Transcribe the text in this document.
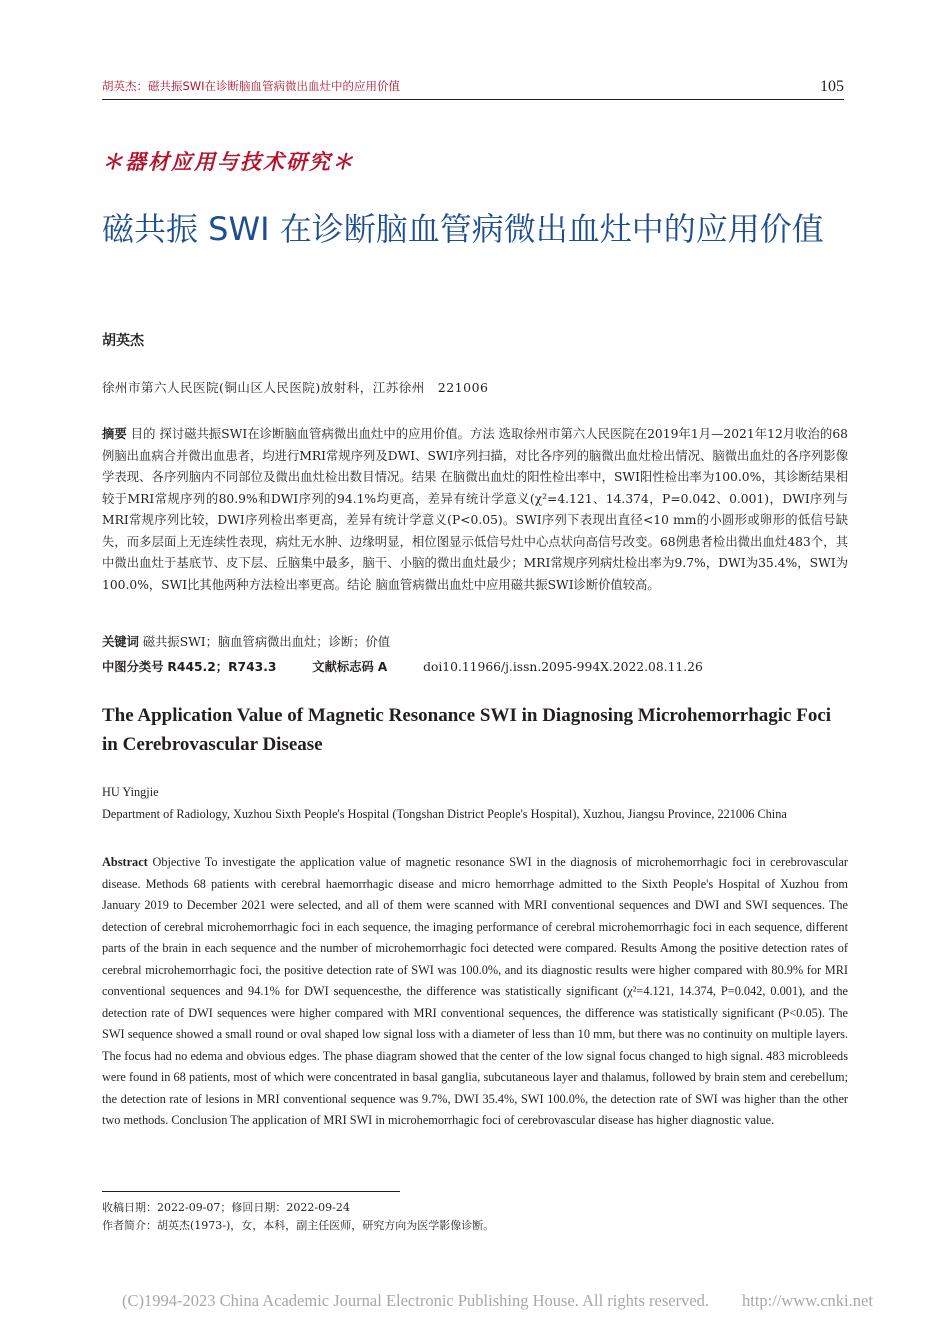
胡英杰：磁共振SWI在诊断脑血管病微出血灶中的应用价值	105
＊器材应用与技术研究＊
磁共振 SWI 在诊断脑血管病微出血灶中的应用价值
胡英杰
徐州市第六人民医院(铜山区人民医院)放射科，江苏徐州　221006
摘要 目的 探讨磁共振SWI在诊断脑血管病微出血灶中的应用价值。方法 选取徐州市第六人民医院在2019年1月—2021年12月收治的68例脑出血病合并微出血患者，均进行MRI常规序列及DWI、SWI序列扫描，对比各序列的脑微出血灶检出情况、脑微出血灶的各序列影像学表现、各序列脑内不同部位及微出血灶检出数目情况。结果 在脑微出血灶的阳性检出率中，SWI阳性检出率为100.0%，其诊断结果相较于MRI常规序列的80.9%和DWI序列的94.1%均更高，差异有统计学意义(χ²=4.121、14.374，P=0.042、0.001)，DWI序列与MRI常规序列比较，DWI序列检出率更高，差异有统计学意义(P<0.05)。SWI序列下表现出直径<10 mm的小圆形或卵形的低信号缺失，而多层面上无连续性表现，病灶无水肿、边缘明显，相位图显示低信号灶中心点状向高信号改变。68例患者检出微出血灶483个，其中微出血灶于基底节、皮下层、丘脑集中最多，脑干、小脑的微出血灶最少；MRI常规序列病灶检出率为9.7%，DWI为35.4%，SWI为100.0%，SWI比其他两种方法检出率更高。结论 脑血管病微出血灶中应用磁共振SWI诊断价值较高。
关键词 磁共振SWI；脑血管病微出血灶；诊断；价值
中图分类号 R445.2；R743.3	文献标志码 A	doi10.11966/j.issn.2095-994X.2022.08.11.26
The Application Value of Magnetic Resonance SWI in Diagnosing Microhemorrhagic Foci in Cerebrovascular Disease
HU Yingjie
Department of Radiology, Xuzhou Sixth People's Hospital (Tongshan District People's Hospital), Xuzhou, Jiangsu Province, 221006 China
Abstract Objective To investigate the application value of magnetic resonance SWI in the diagnosis of microhemorrhagic foci in cerebrovascular disease. Methods 68 patients with cerebral haemorrhagic disease and micro hemorrhage admitted to the Sixth People's Hospital of Xuzhou from January 2019 to December 2021 were selected, and all of them were scanned with MRI conventional sequences and DWI and SWI sequences. The detection of cerebral microhemorrhagic foci in each sequence, the imaging performance of cerebral microhemorrhagic foci in each sequence, different parts of the brain in each sequence and the number of microhemorrhagic foci detected were compared. Results Among the positive detection rates of cerebral microhemorrhagic foci, the positive detection rate of SWI was 100.0%, and its diagnostic results were higher compared with 80.9% for MRI conventional sequences and 94.1% for DWI sequencesthe, the difference was statistically significant (χ²=4.121, 14.374, P=0.042, 0.001), and the detection rate of DWI sequences were higher compared with MRI conventional sequences, the difference was statistically significant (P<0.05). The SWI sequence showed a small round or oval shaped low signal loss with a diameter of less than 10 mm, but there was no continuity on multiple layers. The focus had no edema and obvious edges. The phase diagram showed that the center of the low signal focus changed to high signal. 483 microbleeds were found in 68 patients, most of which were concentrated in basal ganglia, subcutaneous layer and thalamus, followed by brain stem and cerebellum; the detection rate of lesions in MRI conventional sequence was 9.7%, DWI 35.4%, SWI 100.0%, the detection rate of SWI was higher than the other two methods. Conclusion The application of MRI SWI in microhemorrhagic foci of cerebrovascular disease has higher diagnostic value.
收稿日期：2022-09-07；修回日期：2022-09-24
作者简介：胡英杰(1973-)，女，本科，副主任医师，研究方向为医学影像诊断。
(C)1994-2023 China Academic Journal Electronic Publishing House. All rights reserved.　　http://www.cnki.net
